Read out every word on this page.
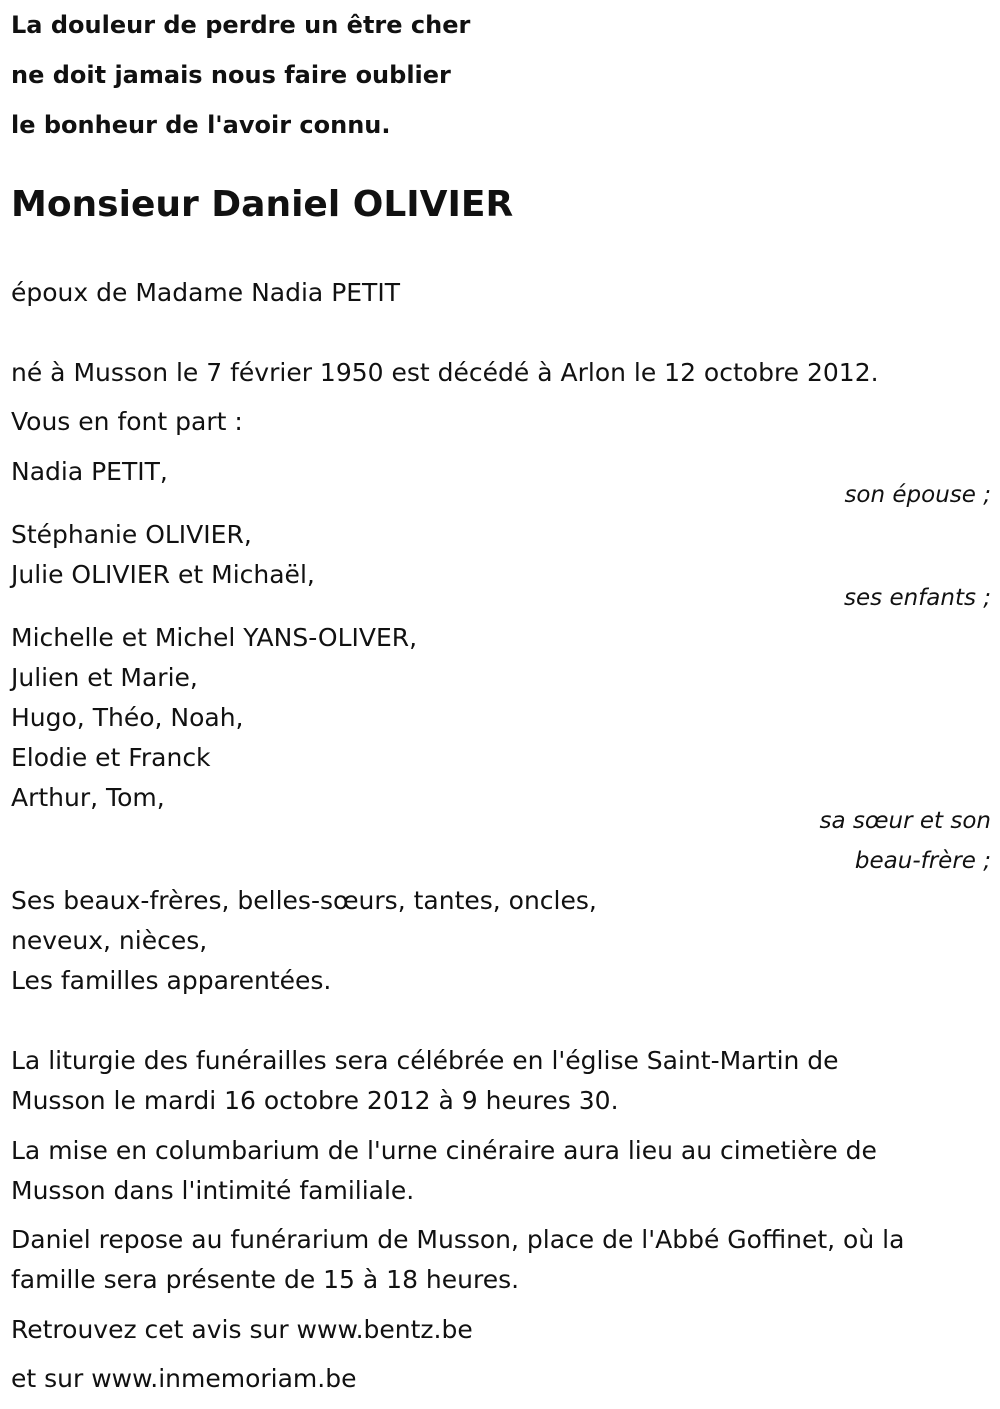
La douleur de perdre un être cher

ne doit jamais nous faire oublier

le bonheur de l'avoir connu.

Monsieur Daniel OLIVIER

époux de Madame Nadia PETIT

né à Musson le 7 février 1950 est décédé à Arlon le 12 octobre 2012.

Vous en font part :

Nadia PETIT,

son épouse ;

Stéphanie OLIVIER,

Julie OLIVIER et Michaël,

ses enfants ;

Michelle et Michel YANS-OLIVER,

Julien et Marie,

Hugo, Théo, Noah,

Elodie et Franck

Arthur, Tom,

sa sœur et son
beau-frère ;

Ses beaux-frères, belles-sœurs, tantes, oncles,

neveux, nièces,

Les familles apparentées.

La liturgie des funérailles sera célébrée en l'église Saint-Martin de

Musson le mardi 16 octobre 2012 à 9 heures 30.

La mise en columbarium de l'urne cinéraire aura lieu au cimetière de

Musson dans l'intimité familiale.

Daniel repose au funérarium de Musson, place de l'Abbé Goffinet, où la

famille sera présente de 15 à 18 heures.

Retrouvez cet avis sur www.bentz.be

et sur www.inmemoriam.be
